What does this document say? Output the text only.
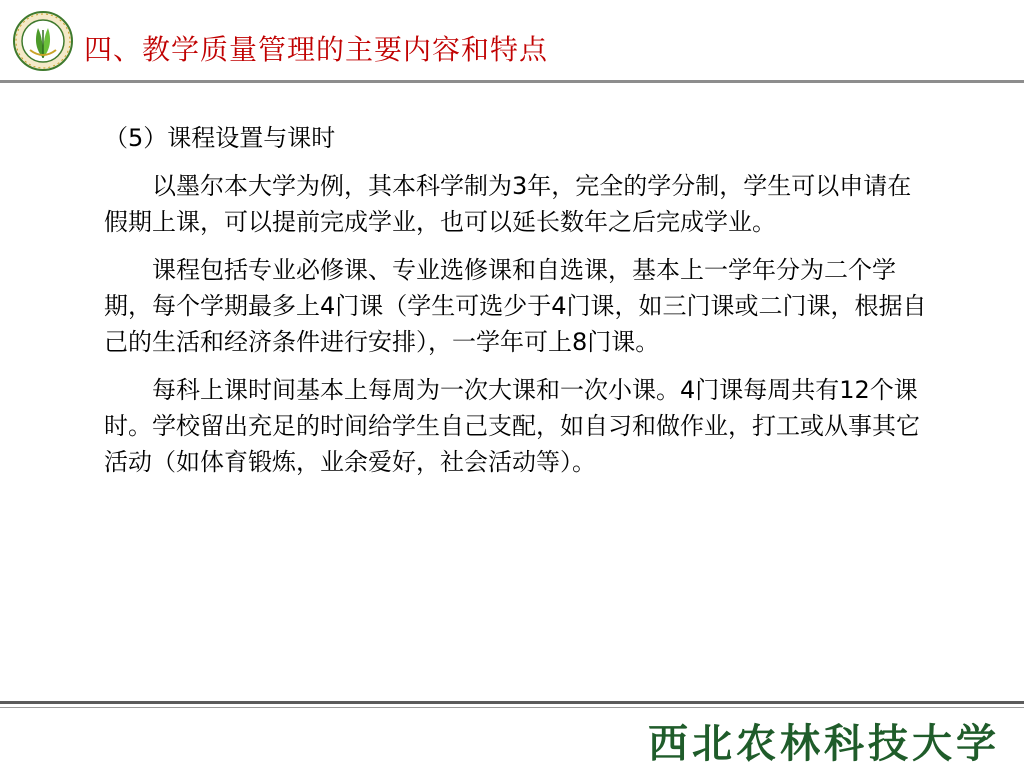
四、教学质量管理的主要内容和特点

（5）课程设置与课时

以墨尔本大学为例，其本科学制为3年，完全的学分制，学生可以申请在假期上课，可以提前完成学业，也可以延长数年之后完成学业。

课程包括专业必修课、专业选修课和自选课，基本上一学年分为二个学期，每个学期最多上4门课（学生可选少于4门课，如三门课或二门课，根据自己的生活和经济条件进行安排），一学年可上8门课。

每科上课时间基本上每周为一次大课和一次小课。4门课每周共有12个课时。学校留出充足的时间给学生自己支配，如自习和做作业，打工或从事其它活动（如体育锻炼，业余爱好，社会活动等）。

西北农林科技大学
